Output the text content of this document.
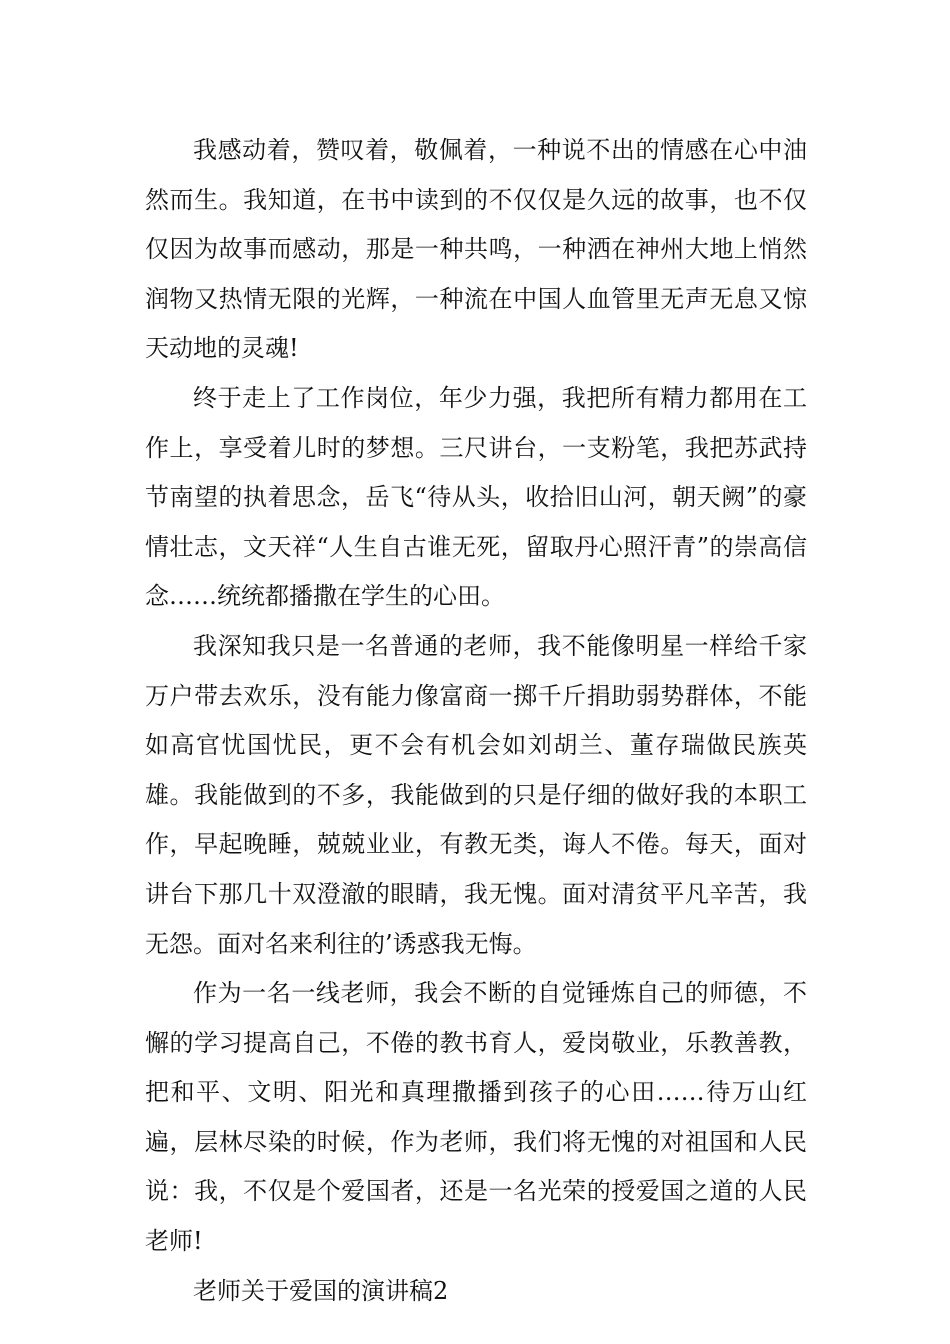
我感动着，赞叹着，敬佩着，一种说不出的情感在心中油然而生。我知道，在书中读到的不仅仅是久远的故事，也不仅仅因为故事而感动，那是一种共鸣，一种洒在神州大地上悄然润物又热情无限的光辉，一种流在中国人血管里无声无息又惊天动地的灵魂!

终于走上了工作岗位，年少力强，我把所有精力都用在工作上，享受着儿时的梦想。三尺讲台，一支粉笔，我把苏武持节南望的执着思念，岳飞“待从头，收拾旧山河，朝天阙”的豪情壮志，文天祥“人生自古谁无死，留取丹心照汗青”的崇高信念……统统都播撒在学生的心田。

我深知我只是一名普通的老师，我不能像明星一样给千家万户带去欢乐，没有能力像富商一掷千斤捐助弱势群体，不能如高官忧国忧民，更不会有机会如刘胡兰、董存瑞做民族英雄。我能做到的不多，我能做到的只是仔细的做好我的本职工作，早起晚睡，兢兢业业，有教无类，诲人不倦。每天，面对讲台下那几十双澄澈的眼睛，我无愧。面对清贫平凡辛苦，我无怨。面对名来利往的’诱惑我无悔。

作为一名一线老师，我会不断的自觉锤炼自己的师德，不懈的学习提高自己，不倦的教书育人，爱岗敬业，乐教善教，把和平、文明、阳光和真理撒播到孩子的心田……待万山红遍，层林尽染的时候，作为老师，我们将无愧的对祖国和人民说：我，不仅是个爱国者，还是一名光荣的授爱国之道的人民老师!

老师关于爱国的演讲稿2
